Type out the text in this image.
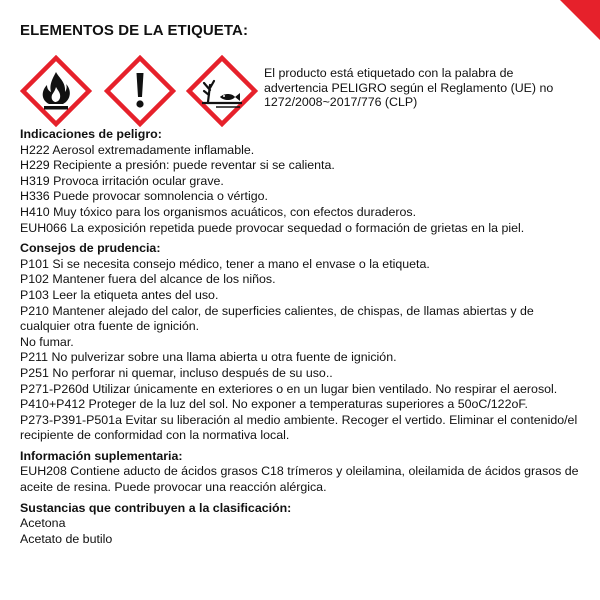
ELEMENTOS DE LA ETIQUETA:
El producto está etiquetado con la palabra de advertencia PELIGRO según el Reglamento (UE) no 1272/2008~2017/776 (CLP)
Indicaciones de peligro:
H222 Aerosol extremadamente inflamable.
H229 Recipiente a presión: puede reventar si se calienta.
H319 Provoca irritación ocular grave.
H336 Puede provocar somnolencia o vértigo.
H410 Muy tóxico para los organismos acuáticos, con efectos duraderos.
EUH066 La exposición repetida puede provocar sequedad o formación de grietas en la piel.
Consejos de prudencia:
P101 Si se necesita consejo médico, tener a mano el envase o la etiqueta.
P102 Mantener fuera del alcance de los niños.
P103 Leer la etiqueta antes del uso.
P210 Mantener alejado del calor, de superficies calientes, de chispas, de llamas abiertas y de cualquier otra fuente de ignición.
No fumar.
P211 No pulverizar sobre una llama abierta u otra fuente de ignición.
P251 No perforar ni quemar, incluso después de su uso..
P271-P260d Utilizar únicamente en exteriores o en un lugar bien ventilado. No respirar el aerosol.
P410+P412 Proteger de la luz del sol. No exponer a temperaturas superiores a 50oC/122oF.
P273-P391-P501a Evitar su liberación al medio ambiente. Recoger el vertido. Eliminar el contenido/el recipiente de conformidad con la normativa local.
Información suplementaria:
EUH208 Contiene aducto de ácidos grasos C18 trímeros y oleilamina, oleilamida de ácidos grasos de aceite de resina. Puede provocar una reacción alérgica.
Sustancias que contribuyen a la clasificación:
Acetona
Acetato de butilo
